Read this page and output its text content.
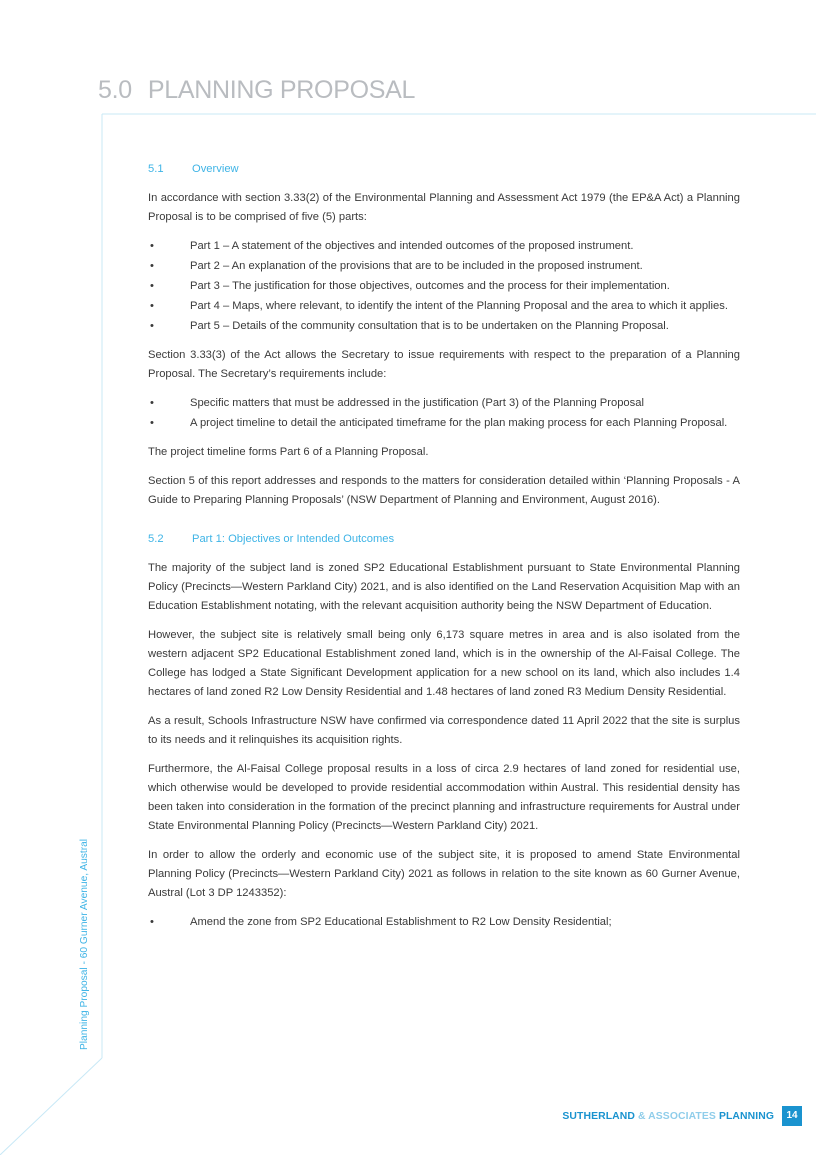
5.0 PLANNING PROPOSAL
5.1	Overview

In accordance with section 3.33(2) of the Environmental Planning and Assessment Act 1979 (the EP&A Act) a Planning Proposal is to be comprised of five (5) parts:

•	Part 1 – A statement of the objectives and intended outcomes of the proposed instrument.
•	Part 2 – An explanation of the provisions that are to be included in the proposed instrument.
•	Part 3 – The justification for those objectives, outcomes and the process for their implementation.
•	Part 4 – Maps, where relevant, to identify the intent of the Planning Proposal and the area to which it applies.
•	Part 5 – Details of the community consultation that is to be undertaken on the Planning Proposal.

Section 3.33(3) of the Act allows the Secretary to issue requirements with respect to the preparation of a Planning Proposal. The Secretary’s requirements include:

•	Specific matters that must be addressed in the justification (Part 3) of the Planning Proposal
•	A project timeline to detail the anticipated timeframe for the plan making process for each Planning Proposal.

The project timeline forms Part 6 of a Planning Proposal.

Section 5 of this report addresses and responds to the matters for consideration detailed within ‘Planning Proposals - A Guide to Preparing Planning Proposals’ (NSW Department of Planning and Environment, August 2016).

5.2	Part 1: Objectives or Intended Outcomes

The majority of the subject land is zoned SP2 Educational Establishment pursuant to State Environmental Planning Policy (Precincts—Western Parkland City) 2021, and is also identified on the Land Reservation Acquisition Map with an Education Establishment notating, with the relevant acquisition authority being the NSW Department of Education.

However, the subject site is relatively small being only 6,173 square metres in area and is also isolated from the western adjacent SP2 Educational Establishment zoned land, which is in the ownership of the Al-Faisal College. The College has lodged a State Significant Development application for a new school on its land, which also includes 1.4 hectares of land zoned R2 Low Density Residential and 1.48 hectares of land zoned R3 Medium Density Residential.

As a result, Schools Infrastructure NSW have confirmed via correspondence dated 11 April 2022 that the site is surplus to its needs and it relinquishes its acquisition rights.

Furthermore, the Al-Faisal College proposal results in a loss of circa 2.9 hectares of land zoned for residential use, which otherwise would be developed to provide residential accommodation within Austral. This residential density has been taken into consideration in the formation of the precinct planning and infrastructure requirements for Austral under State Environmental Planning Policy (Precincts—Western Parkland City) 2021.

In order to allow the orderly and economic use of the subject site, it is proposed to amend State Environmental Planning Policy (Precincts—Western Parkland City) 2021 as follows in relation to the site known as 60 Gurner Avenue, Austral (Lot 3 DP 1243352):

•	Amend the zone from SP2 Educational Establishment to R2 Low Density Residential;
Planning Proposal - 60 Gurner Avenue, Austral
SUTHERLAND & ASSOCIATES PLANNING	14
